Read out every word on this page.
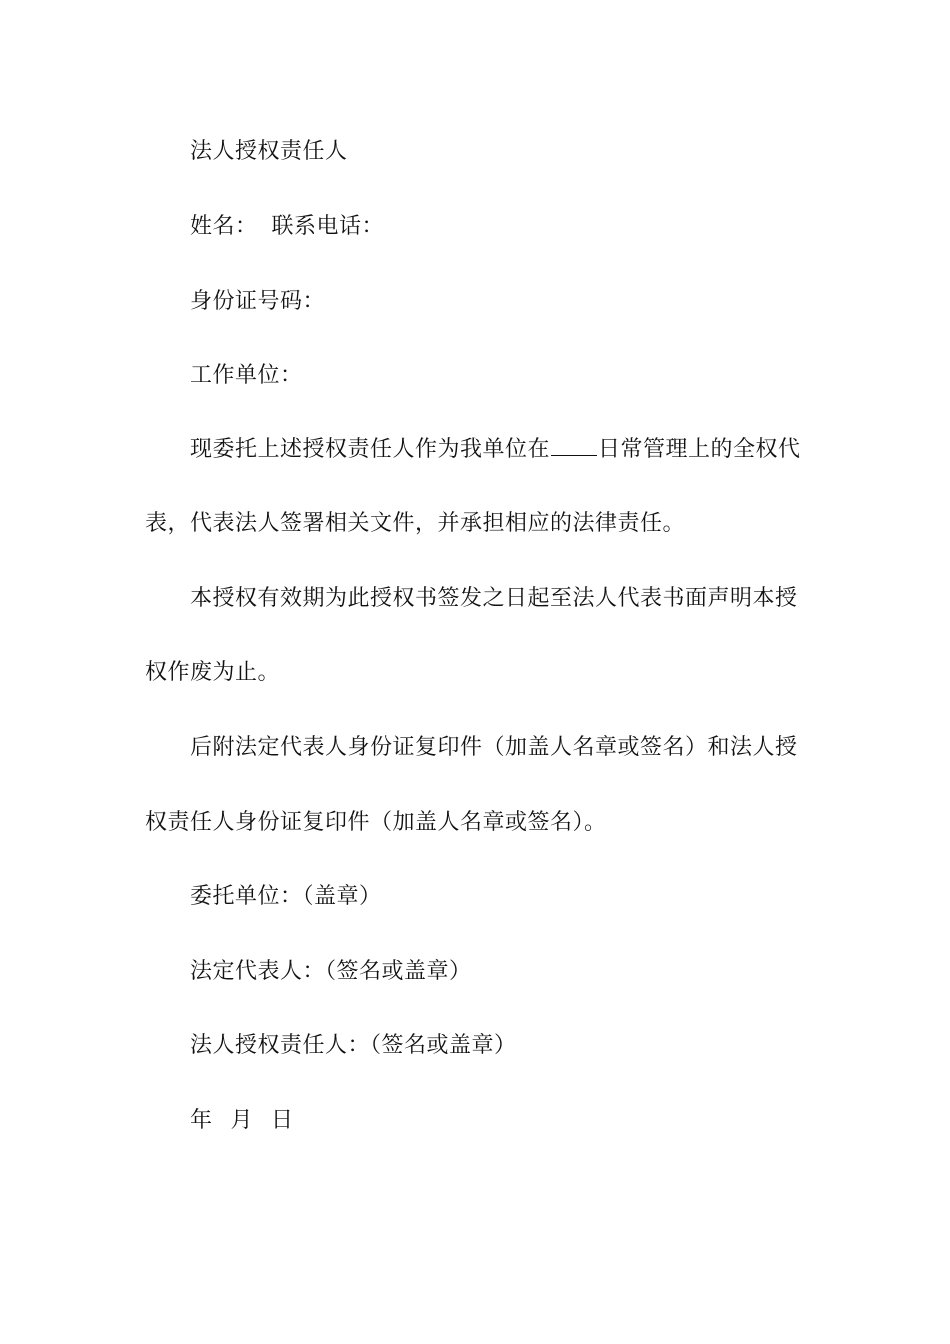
法人授权责任人
姓名： 联系电话：
身份证号码：
工作单位：
现委托上述授权责任人作为我单位在 日常管理上的全权代
表，代表法人签署相关文件，并承担相应的法律责任。
本授权有效期为此授权书签发之日起至法人代表书面声明本授
权作废为止。
后附法定代表人身份证复印件（加盖人名章或签名）和法人授
权责任人身份证复印件（加盖人名章或签名）。
委托单位：（盖章）
法定代表人：（签名或盖章）
法人授权责任人：（签名或盖章）
年 月 日
